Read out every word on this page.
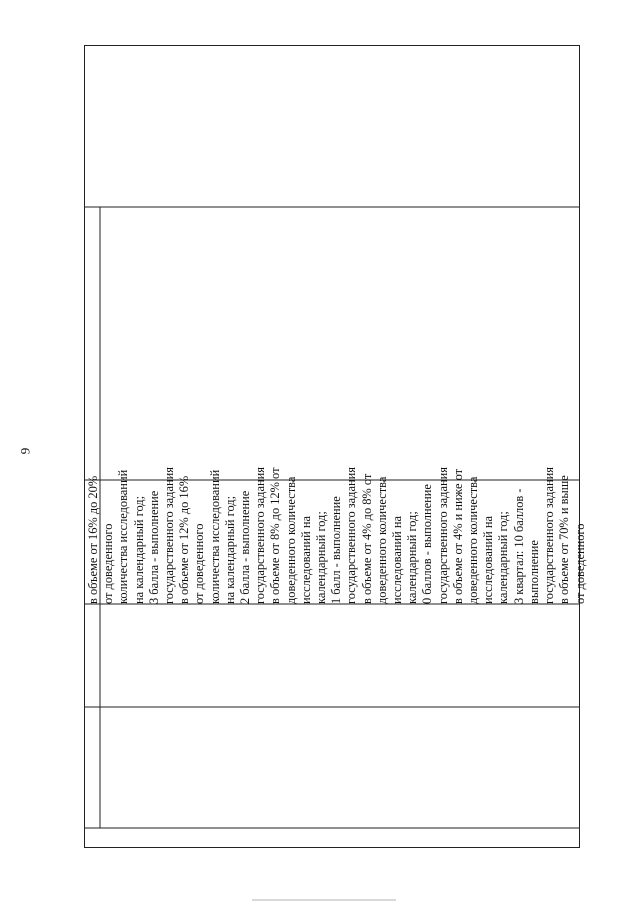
9
в объеме от 16% до 20% от доведенного количества исследований на календарный год; 3 балла - выполнение государственного задания в объеме от 12% до 16% от доведенного количества исследований на календарный год; 2 балла - выполнение государственного задания в объеме от 8% до 12% от доведенного количества исследований на календарный год; 1 балл - выполнение государственного задания в объеме от 4% до 8% от доведенного количества исследований на календарный год; 0 баллов - выполнение государственного задания в объеме от 4% и ниже от доведенного количества исследований на календарный год; 3 квартал: 10 баллов - выполнение государственного задания в объеме от 70% и выше от доведенного
